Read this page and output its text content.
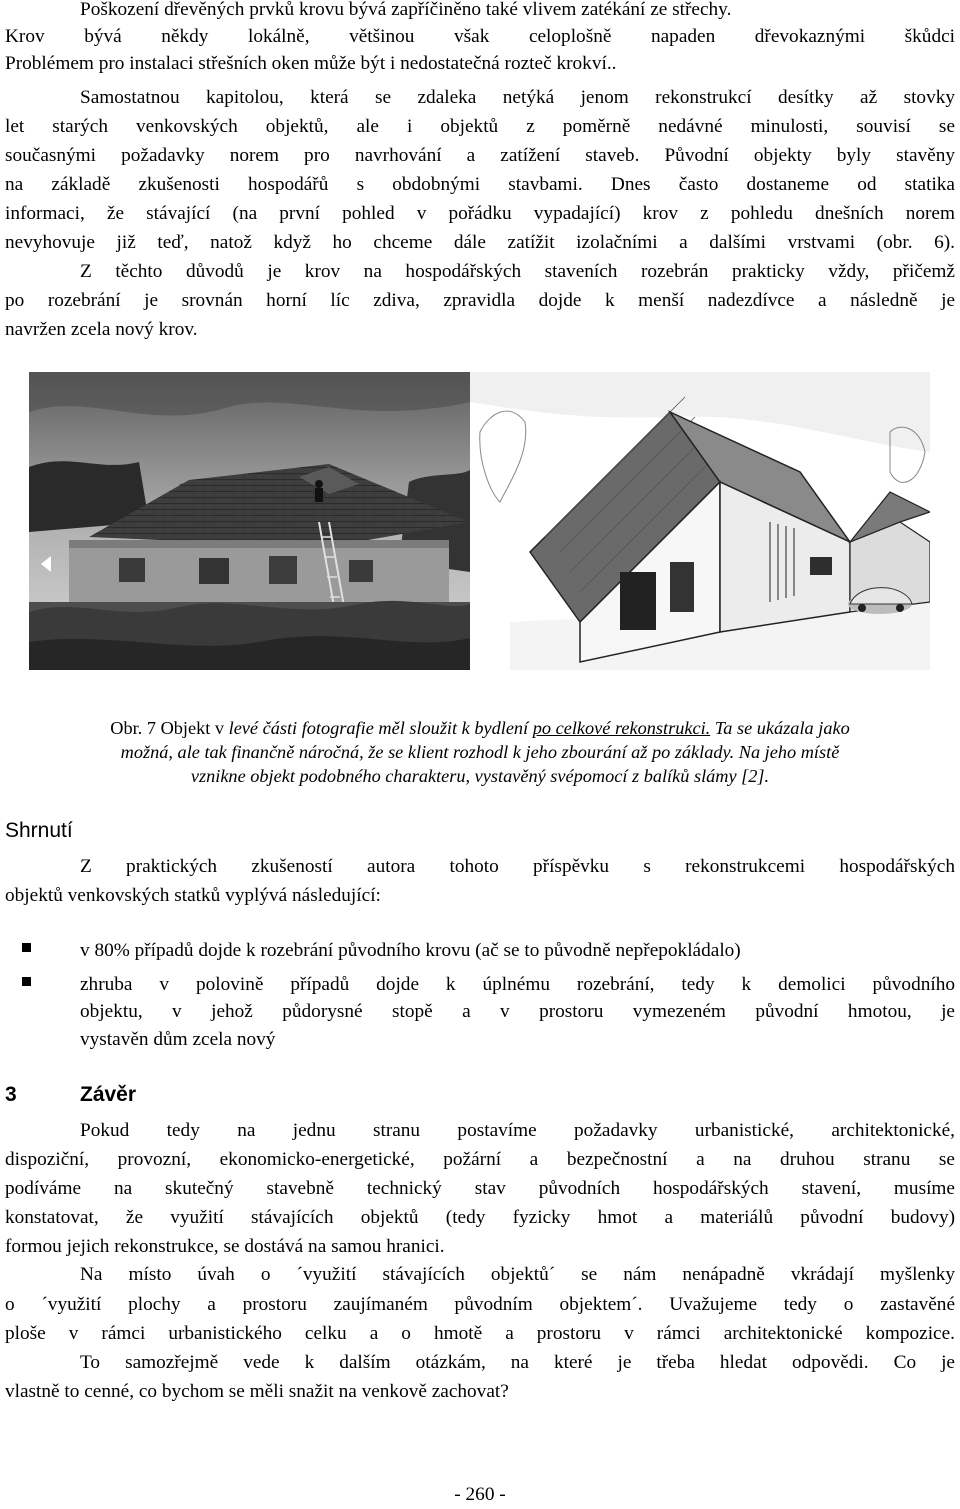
Poškození dřevěných prvků krovu bývá zapříčiněno také vlivem zatékání ze střechy.
Krov bývá někdy lokálně, většinou však celoplošně napaden dřevokaznými škůdci
Problémem pro instalaci střešních oken může být i nedostatečná rozteč krokví..
Samostatnou kapitolou, která se zdaleka netýká jenom rekonstrukcí desítky až stovky
let starých venkovských objektů, ale i objektů z poměrně nedávné minulosti, souvisí se
současnými požadavky norem pro navrhování a zatížení staveb. Původní objekty byly stavěny
na základě zkušenosti hospodářů s obdobnými stavbami. Dnes často dostaneme od statika
informaci, že stávající (na první pohled v pořádku vypadající) krov z pohledu dnešních norem
nevyhovuje již teď, natož když ho chceme dále zatížit izolačními a dalšími vrstvami (obr. 6).
Z těchto důvodů je krov na hospodářských staveních rozebrán prakticky vždy, přičemž
po rozebrání je srovnán horní líc zdiva, zpravidla dojde k menší nadezdívce a následně je
navržen zcela nový krov.
Obr. 7 Objekt v levé části fotografie měl sloužit k bydlení po celkové rekonstrukci. Ta se ukázala jako
možná, ale tak finančně náročná, že se klient rozhodl k jeho zbourání až po základy. Na jeho místě
vznikne objekt podobného charakteru, vystavěný svépomocí z balíků slámy [2].
Shrnutí
Z praktických zkušeností autora tohoto příspěvku s rekonstrukcemi hospodářských
objektů venkovských statků vyplývá následující:
v 80% případů dojde k rozebrání původního krovu (ač se to původně nepřepokládalo)
zhruba v polovině případů dojde k úplnému rozebrání, tedy k demolici původního
objektu, v jehož půdorysné stopě a v prostoru vymezeném původní hmotou, je
vystavěn dům zcela nový
3	Závěr
Pokud tedy na jednu stranu postavíme požadavky urbanistické, architektonické,
dispoziční, provozní, ekonomicko-energetické, požární a bezpečnostní a na druhou stranu se
podíváme na skutečný stavebně technický stav původních hospodářských stavení, musíme
konstatovat, že využití stávajících objektů (tedy fyzicky hmot a materiálů původní budovy)
formou jejich rekonstrukce, se dostává na samou hranici.
Na místo úvah o ´využití stávajících objektů´ se nám nenápadně vkrádají myšlenky
o ´využití plochy a prostoru zaujímaném původním objektem´. Uvažujeme tedy o zastavěné
ploše v rámci urbanistického celku a o hmotě a prostoru v rámci architektonické kompozice.
To samozřejmě vede k dalším otázkám, na které je třeba hledat odpovědi. Co je
vlastně to cenné, co bychom se měli snažit na venkově zachovat?
- 260 -
